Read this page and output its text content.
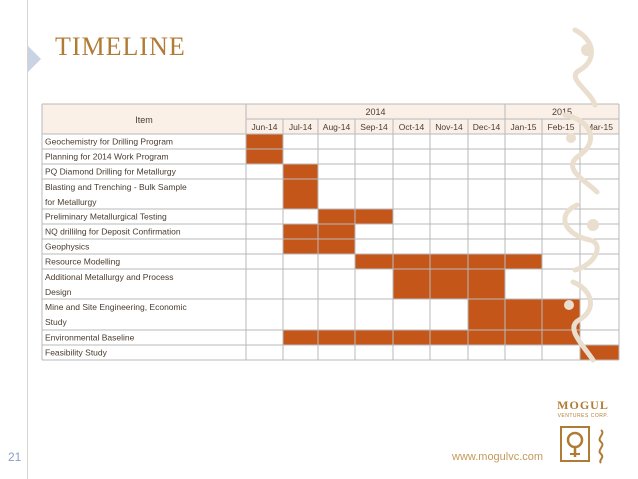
TIMELINE
Item
2014	2015
Jun-14 Jul-14 Aug-14 Sep-14 Oct-14 Nov-14 Dec-14 Jan-15 Feb-15 Mar-15
Geochemistry for Drilling Program
Planning for 2014 Work Program
PQ Diamond Drilling for Metallurgy
Blasting and Trenching - Bulk Sample for Metallurgy
Preliminary Metallurgical Testing
NQ drillilng for Deposit Confirmation
Geophysics
Resource Modelling
Additional Metallurgy and Process Design
Mine and Site Engineering, Economic Study
Environmental Baseline
Feasibility Study
MOGUL
VENTURES CORP.
21	www.mogulvc.com
